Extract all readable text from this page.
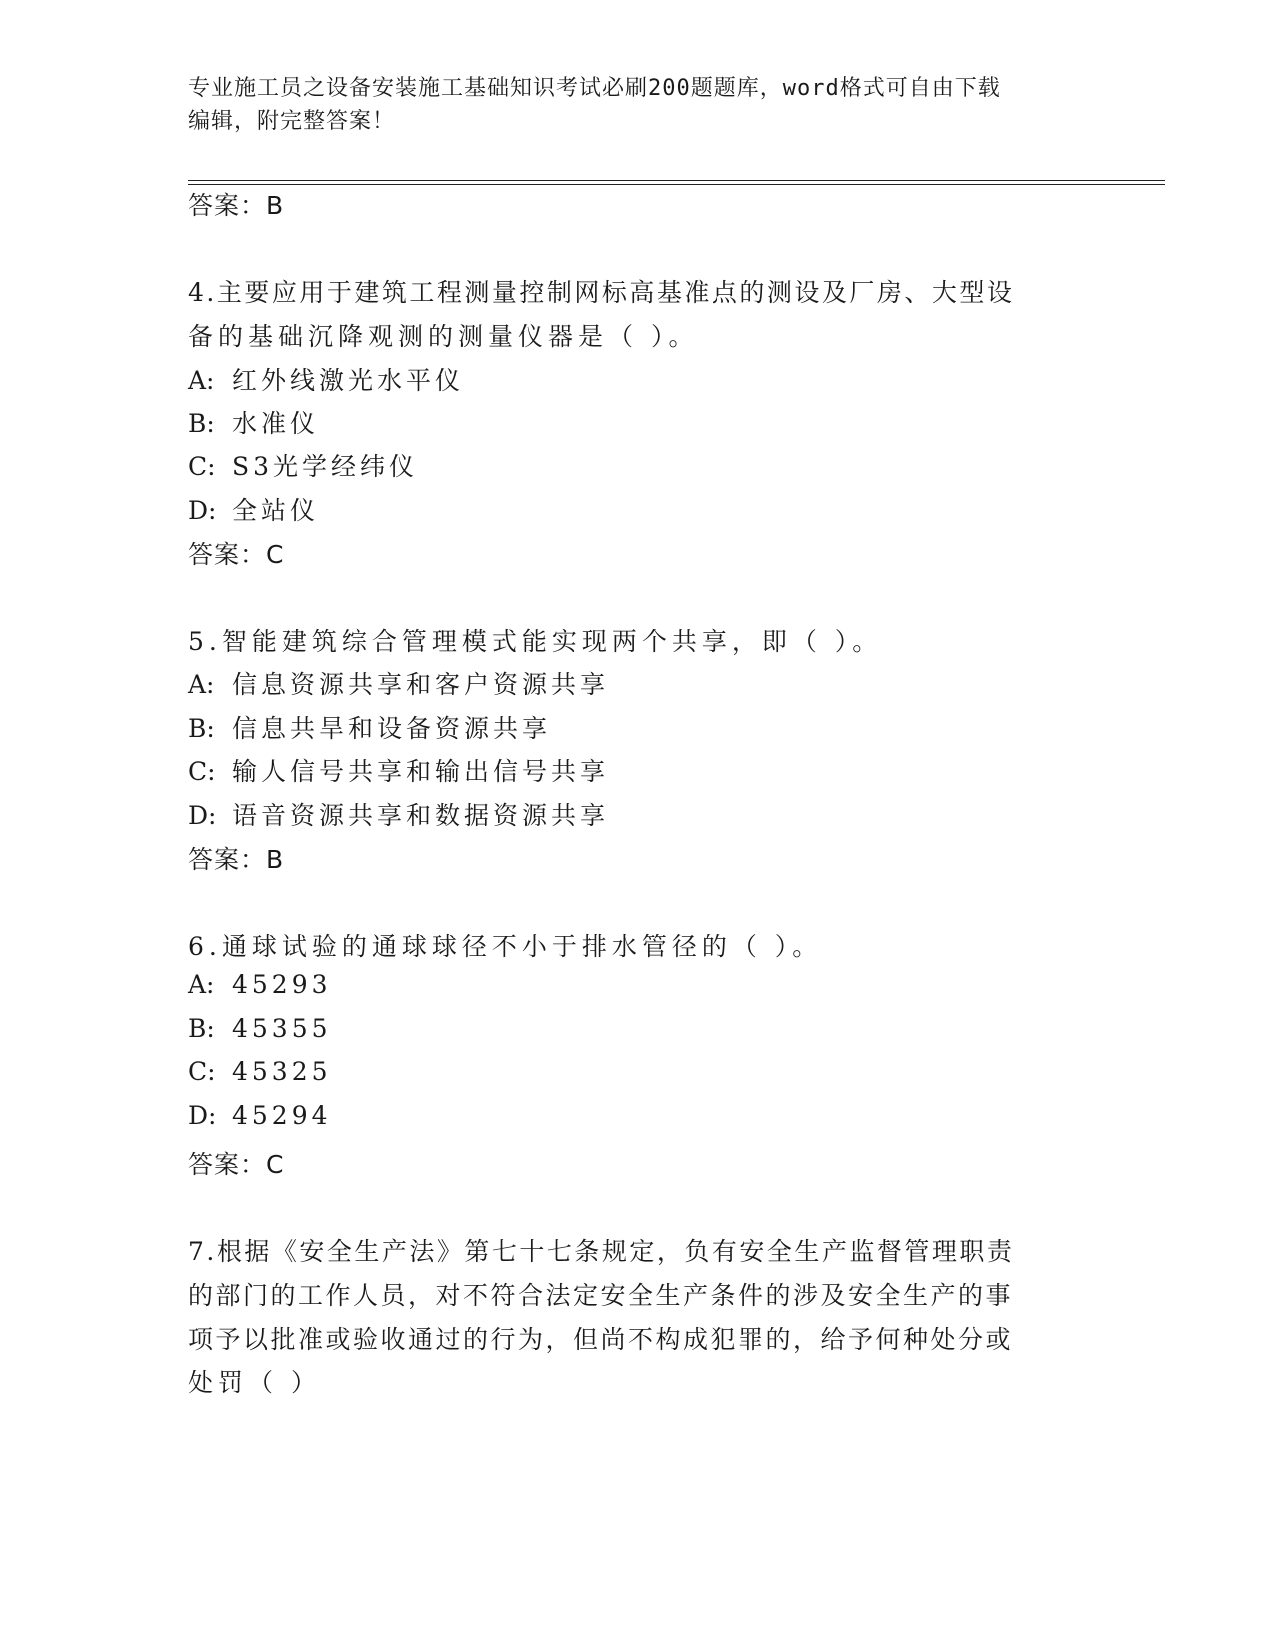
专业施工员之设备安装施工基础知识考试必刷200题题库，word格式可自由下载
编辑，附完整答案！
答案：B
4.主要应用于建筑工程测量控制网标高基准点的测设及厂房、大型设
备的基础沉降观测的测量仪器是（ ）。
A: 红外线激光水平仪
B: 水准仪
C: S3光学经纬仪
D: 全站仪
答案：C
5.智能建筑综合管理模式能实现两个共享，即（ ）。
A: 信息资源共享和客户资源共享
B: 信息共旱和设备资源共享
C: 输人信号共享和输出信号共享
D: 语音资源共享和数据资源共享
答案：B
6.通球试验的通球球径不小于排水管径的（ ）。
A: 45293
B: 45355
C: 45325
D: 45294
答案：C
7.根据《安全生产法》第七十七条规定，负有安全生产监督管理职责
的部门的工作人员，对不符合法定安全生产条件的涉及安全生产的事
项予以批准或验收通过的行为，但尚不构成犯罪的，给予何种处分或
处罚（ ）
